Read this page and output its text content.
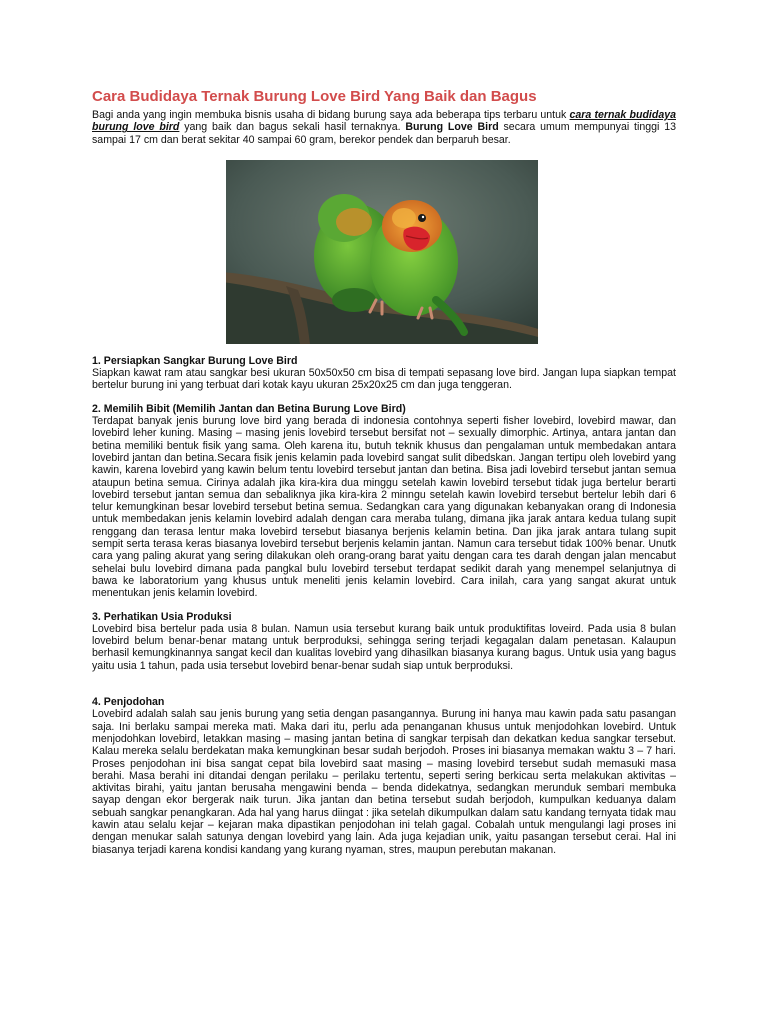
Cara Budidaya Ternak Burung Love Bird Yang Baik dan Bagus

Bagi anda yang ingin membuka bisnis usaha di bidang burung saya ada beberapa tips terbaru untuk cara ternak budidaya burung love bird yang baik dan bagus sekali hasil ternaknya. Burung Love Bird secara umum mempunyai tinggi 13 sampai 17 cm dan berat sekitar 40 sampai 60 gram, berekor pendek dan berparuh besar.

1. Persiapkan Sangkar Burung Love Bird

Siapkan kawat ram atau sangkar besi ukuran 50x50x50 cm bisa di tempati sepasang love bird. Jangan lupa siapkan tempat bertelur burung ini yang terbuat dari kotak kayu ukuran 25x20x25 cm dan juga tenggeran.

2. Memilih Bibit (Memilih Jantan dan Betina Burung Love Bird)

Terdapat banyak jenis burung love bird yang berada di indonesia contohnya seperti fisher lovebird, lovebird mawar, dan lovebird leher kuning. Masing – masing jenis lovebird tersebut bersifat not – sexually dimorphic. Artinya, antara jantan dan betina memiliki bentuk fisik yang sama. Oleh karena itu, butuh teknik khusus dan pengalaman untuk membedakan antara lovebird jantan dan betina.Secara fisik jenis kelamin pada lovebird sangat sulit dibedskan. Jangan tertipu oleh lovebird yang kawin, karena lovebird yang kawin belum tentu lovebird tersebut jantan dan betina. Bisa jadi lovebird tersebut jantan semua ataupun betina semua. Cirinya adalah jika kira-kira dua minggu setelah kawin lovebird tersebut tidak juga bertelur berarti lovebird tersebut jantan semua dan sebaliknya jika kira-kira 2 minngu setelah kawin lovebird tersebut bertelur lebih dari 6 telur kemungkinan besar lovebird tersebut betina semua. Sedangkan cara yang digunakan kebanyakan orang di Indonesia untuk membedakan jenis kelamin lovebird adalah dengan cara meraba tulang, dimana jika jarak antara kedua tulang supit renggang dan terasa lentur maka lovebird tersebut biasanya berjenis kelamin betina. Dan jika jarak antara tulang supit sempit serta terasa keras biasanya lovebird tersebut berjenis kelamin jantan. Namun cara tersebut tidak 100% benar. Unutk cara yang paling akurat yang sering dilakukan oleh orang-orang barat yaitu dengan cara tes darah dengan jalan mencabut sehelai bulu lovebird dimana pada pangkal bulu lovebird tersebut terdapat sedikit darah yang menempel selanjutnya di bawa ke laboratorium yang khusus untuk meneliti jenis kelamin lovebird. Cara inilah, cara yang sangat akurat untuk menentukan jenis kelamin lovebird.

3. Perhatikan Usia Produksi

Lovebird bisa bertelur pada usia 8 bulan. Namun usia tersebut kurang baik untuk produktifitas loveird. Pada usia 8 bulan lovebird belum benar-benar matang untuk berproduksi, sehingga sering terjadi kegagalan dalam penetasan. Kalaupun berhasil kemungkinannya sangat kecil dan kualitas lovebird yang dihasilkan biasanya kurang bagus. Untuk usia yang bagus yaitu usia 1 tahun, pada usia tersebut lovebird benar-benar sudah siap untuk berproduksi.

4. Penjodohan

Lovebird adalah salah sau jenis burung yang setia dengan pasangannya. Burung ini hanya mau kawin pada satu pasangan saja. Ini berlaku sampai mereka mati. Maka dari itu, perlu ada penanganan khusus untuk menjodohkan lovebird. Untuk menjodohkan lovebird, letakkan masing – masing jantan betina di sangkar terpisah dan dekatkan kedua sangkar tersebut. Kalau mereka selalu berdekatan maka kemungkinan besar sudah berjodoh. Proses ini biasanya memakan waktu 3 – 7 hari. Proses penjodohan ini bisa sangat cepat bila lovebird saat masing – masing lovebird tersebut sudah memasuki masa berahi. Masa berahi ini ditandai dengan perilaku – perilaku tertentu, seperti sering berkicau serta melakukan aktivitas – aktivitas birahi, yaitu jantan berusaha mengawini benda – benda didekatnya, sedangkan merunduk sembari membuka sayap dengan ekor bergerak naik turun. Jika jantan dan betina tersebut sudah berjodoh, kumpulkan keduanya dalam sebuah sangkar penangkaran. Ada hal yang harus diingat : jika setelah dikumpulkan dalam satu kandang ternyata tidak mau kawin atau selalu kejar – kejaran maka dipastikan penjodohan ini telah gagal. Cobalah untuk mengulangi lagi proses ini dengan menukar salah satunya dengan lovebird yang lain. Ada juga kejadian unik, yaitu pasangan tersebut cerai. Hal ini biasanya terjadi karena kondisi kandang yang kurang nyaman, stres, maupun perebutan makanan.
